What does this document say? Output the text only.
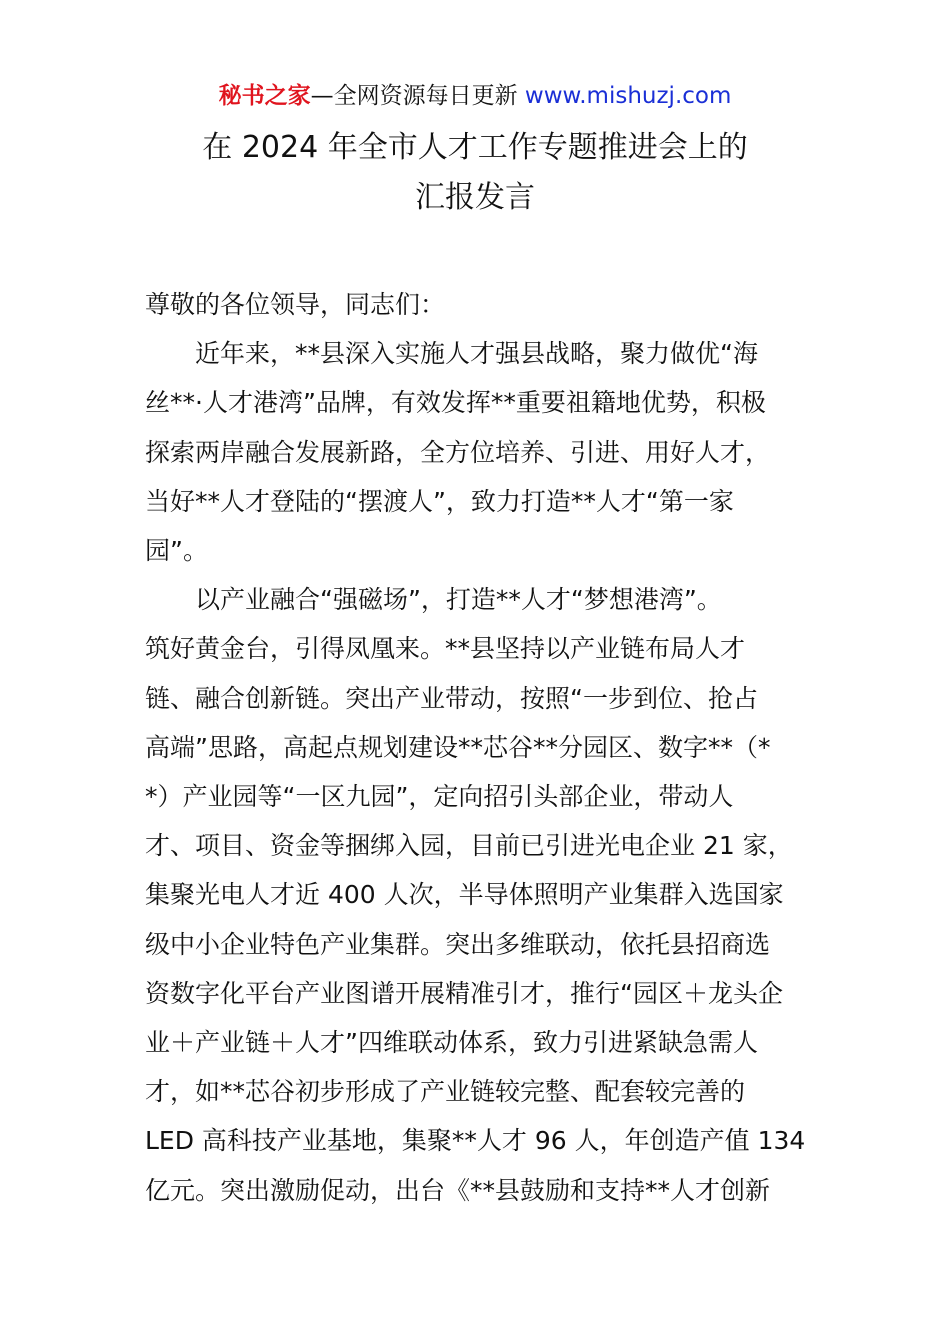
秘书之家—全网资源每日更新 www.mishuzj.com
在 2024 年全市人才工作专题推进会上的
汇报发言
尊敬的各位领导，同志们：
　　近年来，**县深入实施人才强县战略，聚力做优“海
丝**·人才港湾”品牌，有效发挥**重要祖籍地优势，积极
探索两岸融合发展新路，全方位培养、引进、用好人才，
当好**人才登陆的“摆渡人”，致力打造**人才“第一家
园”。
　　以产业融合“强磁场”，打造**人才“梦想港湾”。
筑好黄金台，引得凤凰来。**县坚持以产业链布局人才
链、融合创新链。突出产业带动，按照“一步到位、抢占
高端”思路，高起点规划建设**芯谷**分园区、数字**（*
*）产业园等“一区九园”，定向招引头部企业，带动人
才、项目、资金等捆绑入园，目前已引进光电企业 21 家，
集聚光电人才近 400 人次，半导体照明产业集群入选国家
级中小企业特色产业集群。突出多维联动，依托县招商选
资数字化平台产业图谱开展精准引才，推行“园区＋龙头企
业＋产业链＋人才”四维联动体系，致力引进紧缺急需人
才，如**芯谷初步形成了产业链较完整、配套较完善的
LED 高科技产业基地，集聚**人才 96 人，年创造产值 134
亿元。突出激励促动，出台《**县鼓励和支持**人才创新
